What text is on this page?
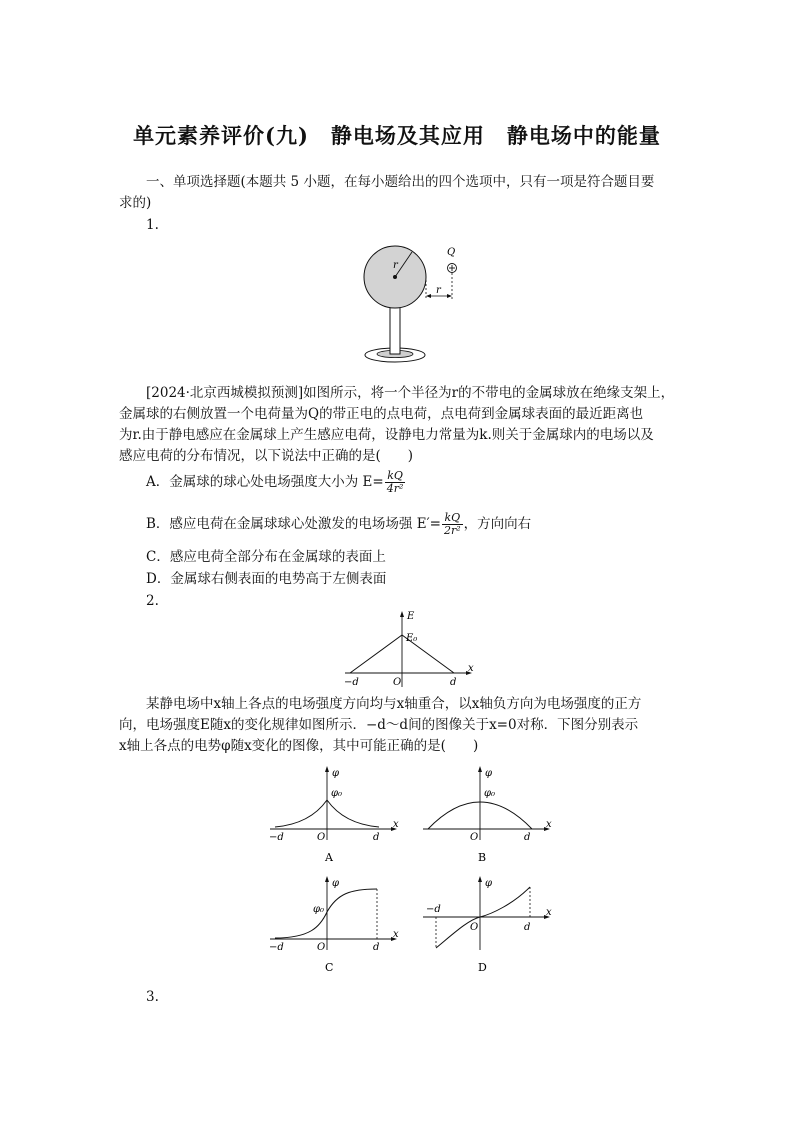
单元素养评价(九)　静电场及其应用　静电场中的能量
一、单项选择题(本题共 5 小题，在每小题给出的四个选项中，只有一项是符合题目要
求的)
1.
r
Q
r
[2024·北京西城模拟预测]如图所示，将一个半径为r的不带电的金属球放在绝缘支架上，
金属球的右侧放置一个电荷量为Q的带正电的点电荷，点电荷到金属球表面的最近距离也
为r.由于静电感应在金属球上产生感应电荷，设静电力常量为k.则关于金属球内的电场以及
感应电荷的分布情况，以下说法中正确的是(　　)
A．金属球的球心处电场强度大小为 $E= \frac{kQ}{\text{4r²}}$
B．感应电荷在金属球球心处激发的电场场强 $E'= \frac{kQ}{\text{2r²}}$ ，方向向右
C．感应电荷全部分布在金属球的表面上
D．金属球右侧表面的电势高于左侧表面
2.
E
E₀
−d	O	d
x
某静电场中x轴上各点的电场强度方向均与x轴重合，以x轴负方向为电场强度的正方
向，电场强度E随x的变化规律如图所示．−d～d间的图像关于x=0对称．下图分别表示
x轴上各点的电势φ随x变化的图像，其中可能正确的是(　　)
φ
φ₀
−d	O	d
x
A
φ
φ₀
O	d
x
B
φ
φ₀
−d	O	d
x
C
φ
−d
O	d
x
D
3.
